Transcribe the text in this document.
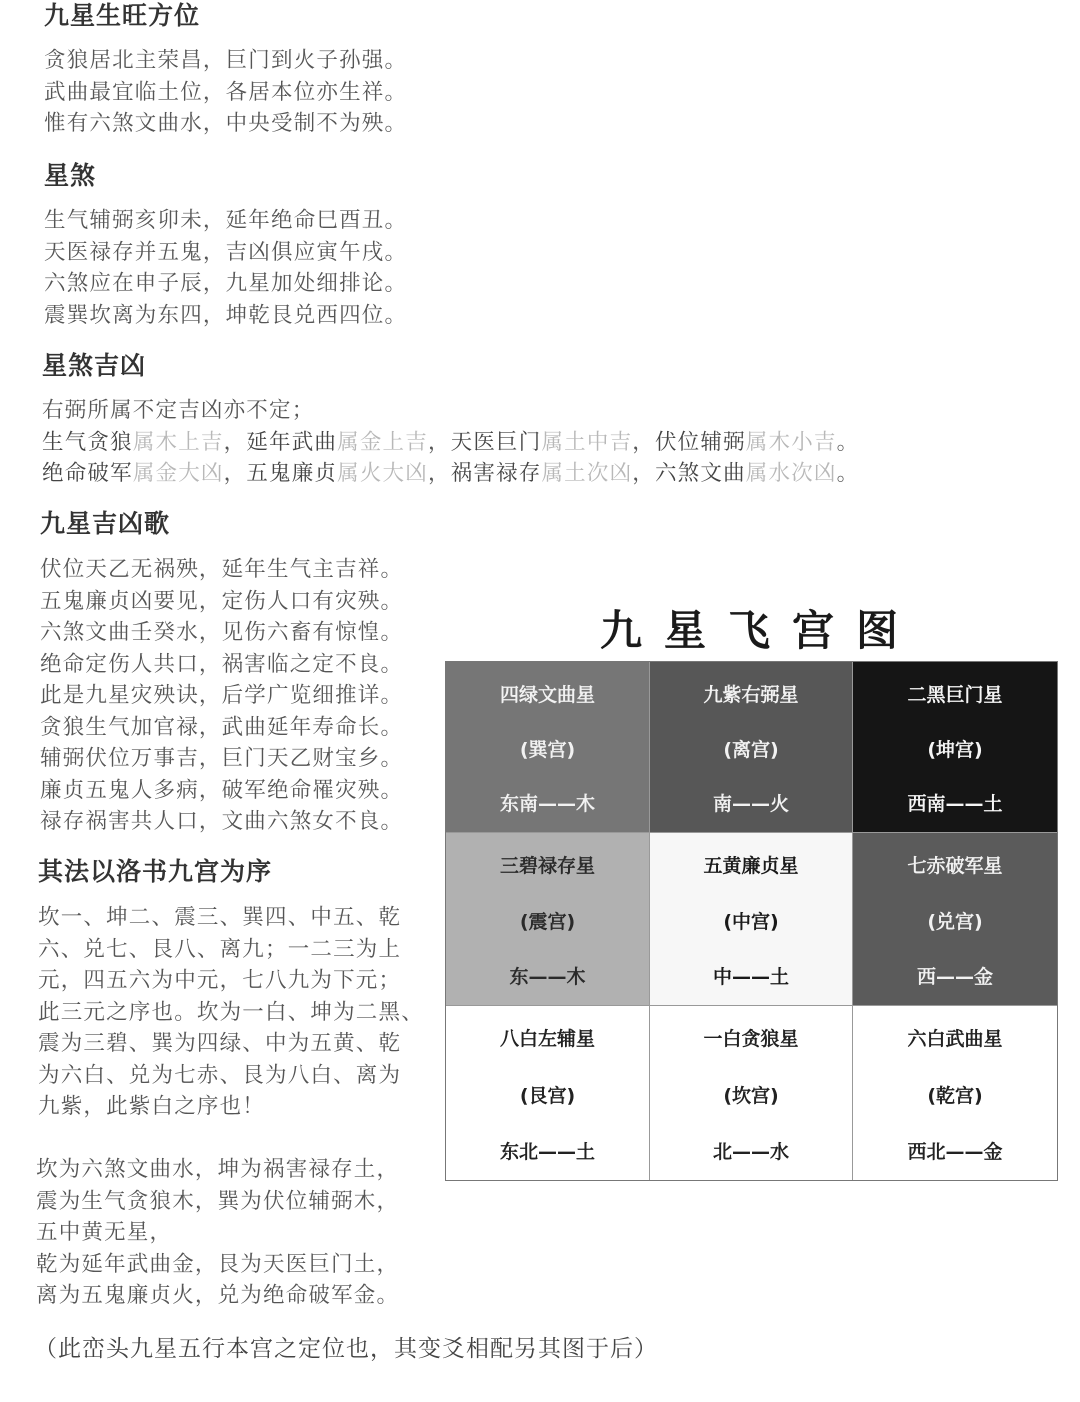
九星生旺方位
贪狼居北主荣昌，巨门到火子孙强。
武曲最宜临土位，各居本位亦生祥。
惟有六煞文曲水，中央受制不为殃。
星煞
生气辅弼亥卯未，延年绝命巳酉丑。
天医禄存并五鬼，吉凶俱应寅午戌。
六煞应在申子辰，九星加处细排论。
震巽坎离为东四，坤乾艮兑西四位。
星煞吉凶
右弼所属不定吉凶亦不定；
生气贪狼属木上吉，延年武曲属金上吉，天医巨门属土中吉，伏位辅弼属木小吉。
绝命破军属金大凶，五鬼廉贞属火大凶，祸害禄存属土次凶，六煞文曲属水次凶。
九星吉凶歌
伏位天乙无祸殃，延年生气主吉祥。
五鬼廉贞凶要见，定伤人口有灾殃。
六煞文曲壬癸水，见伤六畜有惊惶。
绝命定伤人共口，祸害临之定不良。
此是九星灾殃诀，后学广览细推详。
贪狼生气加官禄，武曲延年寿命长。
辅弼伏位万事吉，巨门天乙财宝乡。
廉贞五鬼人多病，破军绝命罹灾殃。
禄存祸害共人口，文曲六煞女不良。
其法以洛书九宫为序
坎一、坤二、震三、巽四、中五、乾
六、兑七、艮八、离九；一二三为上
元，四五六为中元，七八九为下元；
此三元之序也。坎为一白、坤为二黑、
震为三碧、巽为四绿、中为五黄、乾
为六白、兑为七赤、艮为八白、离为
九紫，此紫白之序也！
坎为六煞文曲水，坤为祸害禄存土，
震为生气贪狼木，巽为伏位辅弼木，
五中黄无星，
乾为延年武曲金，艮为天医巨门土，
离为五鬼廉贞火，兑为绝命破军金。
九星飞宫图
四绿文曲星
(巽宫)
东南——木
九紫右弼星
(离宫)
南——火
二黑巨门星
(坤宫)
西南——土
三碧禄存星
(震宫)
东——木
五黄廉贞星
(中宫)
中——土
七赤破军星
(兑宫)
西——金
八白左辅星
(艮宫)
东北——土
一白贪狼星
(坎宫)
北——水
六白武曲星
(乾宫)
西北——金

（此峦头九星五行本宫之定位也，其变爻相配另其图于后）
